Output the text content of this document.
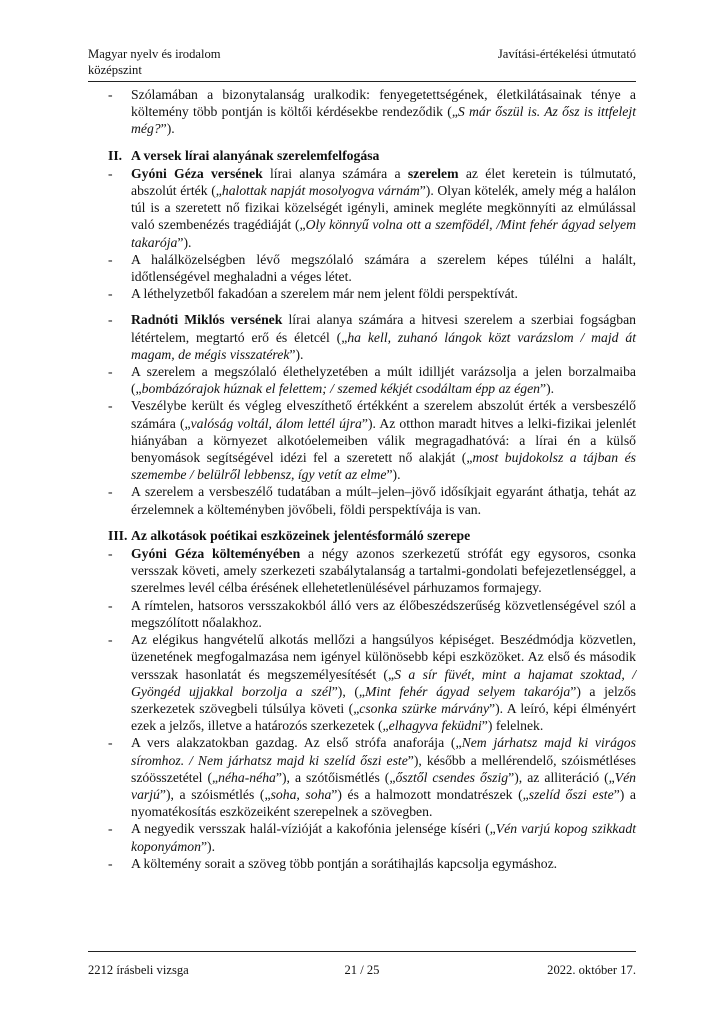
Magyar nyelv és irodalom
középszint
Javítási-értékelési útmutató
- Szólamában a bizonytalanság uralkodik: fenyegetettségének, életkilátásainak ténye a költemény több pontján is költői kérdésekbe rendeződik („S már őszül is. Az ősz is ittfelejt még?”).
II. A versek lírai alanyának szerelemfelfogása
- Gyóni Géza versének lírai alanya számára a szerelem az élet keretein is túlmutató, abszolút érték („halottak napját mosolyogva várnám”). Olyan kötelék, amely még a halálon túl is a szeretett nő fizikai közelségét igényli, aminek megléte megkönnyíti az elmúlással való szembenézés tragédiáját („Oly könnyű volna ott a szemfödél, /Mint fehér ágyad selyem takarója”).
- A halálközelségben lévő megszólaló számára a szerelem képes túlélni a halált, időtlenségével meghaladni a véges létet.
- A léthelyzetből fakadóan a szerelem már nem jelent földi perspektívát.
- Radnóti Miklós versének lírai alanya számára a hitvesi szerelem a szerbiai fogságban létértelem, megtartó erő és életcél („ha kell, zuhanó lángok közt varázslom / majd át magam, de mégis visszatérek”).
- A szerelem a megszólaló élethelyzetében a múlt idilljét varázsolja a jelen borzalmaiba („bombázórajok húznak el felettem; / szemed kékjét csodáltam épp az égen”).
- Veszélybe került és végleg elveszíthető értékként a szerelem abszolút érték a versbeszélő számára („valóság voltál, álom lettél újra”). Az otthon maradt hitves a lelki-fizikai jelenlét hiányában a környezet alkotóelemeiben válik megragadhatóvá: a lírai én a külső benyomások segítségével idézi fel a szeretett nő alakját („most bujdokolsz a tájban és szemembe / belülről lebbensz, így vetít az elme”).
- A szerelem a versbeszélő tudatában a múlt–jelen–jövő idősíkjait egyaránt áthatja, tehát az érzelemnek a költeményben jövőbeli, földi perspektívája is van.
III. Az alkotások poétikai eszközeinek jelentésformáló szerepe
- Gyóni Géza költeményében a négy azonos szerkezetű strófát egy egysoros, csonka versszak követi, amely szerkezeti szabálytalanság a tartalmi-gondolati befejezetlenséggel, a szerelmes levél célba érésének ellehetetlenülésével párhuzamos formajegy.
- A rímtelen, hatsoros versszakokból álló vers az élőbeszédszerűség közvetlenségével szól a megszólított nőalakhoz.
- Az elégikus hangvételű alkotás mellőzi a hangsúlyos képiséget. Beszédmódja közvetlen, üzenetének megfogalmazása nem igényel különösebb képi eszközöket. Az első és második versszak hasonlatát és megszemélyesítését („S a sír füvét, mint a hajamat szoktad, / Gyöngéd ujjakkal borzolja a szél”), („Mint fehér ágyad selyem takarója”) a jelzős szerkezetek szövegbeli túlsúlya követi („csonka szürke márvány”). A leíró, képi élményért ezek a jelzős, illetve a határozós szerkezetek („elhagyva feküdni”) felelnek.
- A vers alakzatokban gazdag. Az első strófa anaforája („Nem járhatsz majd ki virágos síromhoz. / Nem járhatsz majd ki szelíd őszi este”), később a mellérendelő, szóismétléses szóösszetétel („néha-néha”), a szótőismétlés („ősztől csendes őszig”), az alliteráció („Vén varjú”), a szóismétlés („soha, soha”) és a halmozott mondatrészek („szelíd őszi este”) a nyomatékosítás eszközeiként szerepelnek a szövegben.
- A negyedik versszak halál-vízióját a kakofónia jelensége kíséri („Vén varjú kopog szikkadt koponyámon”).
- A költemény sorait a szöveg több pontján a sorátihajlás kapcsolja egymáshoz.
2212 írásbeli vizsga	21 / 25	2022. október 17.
